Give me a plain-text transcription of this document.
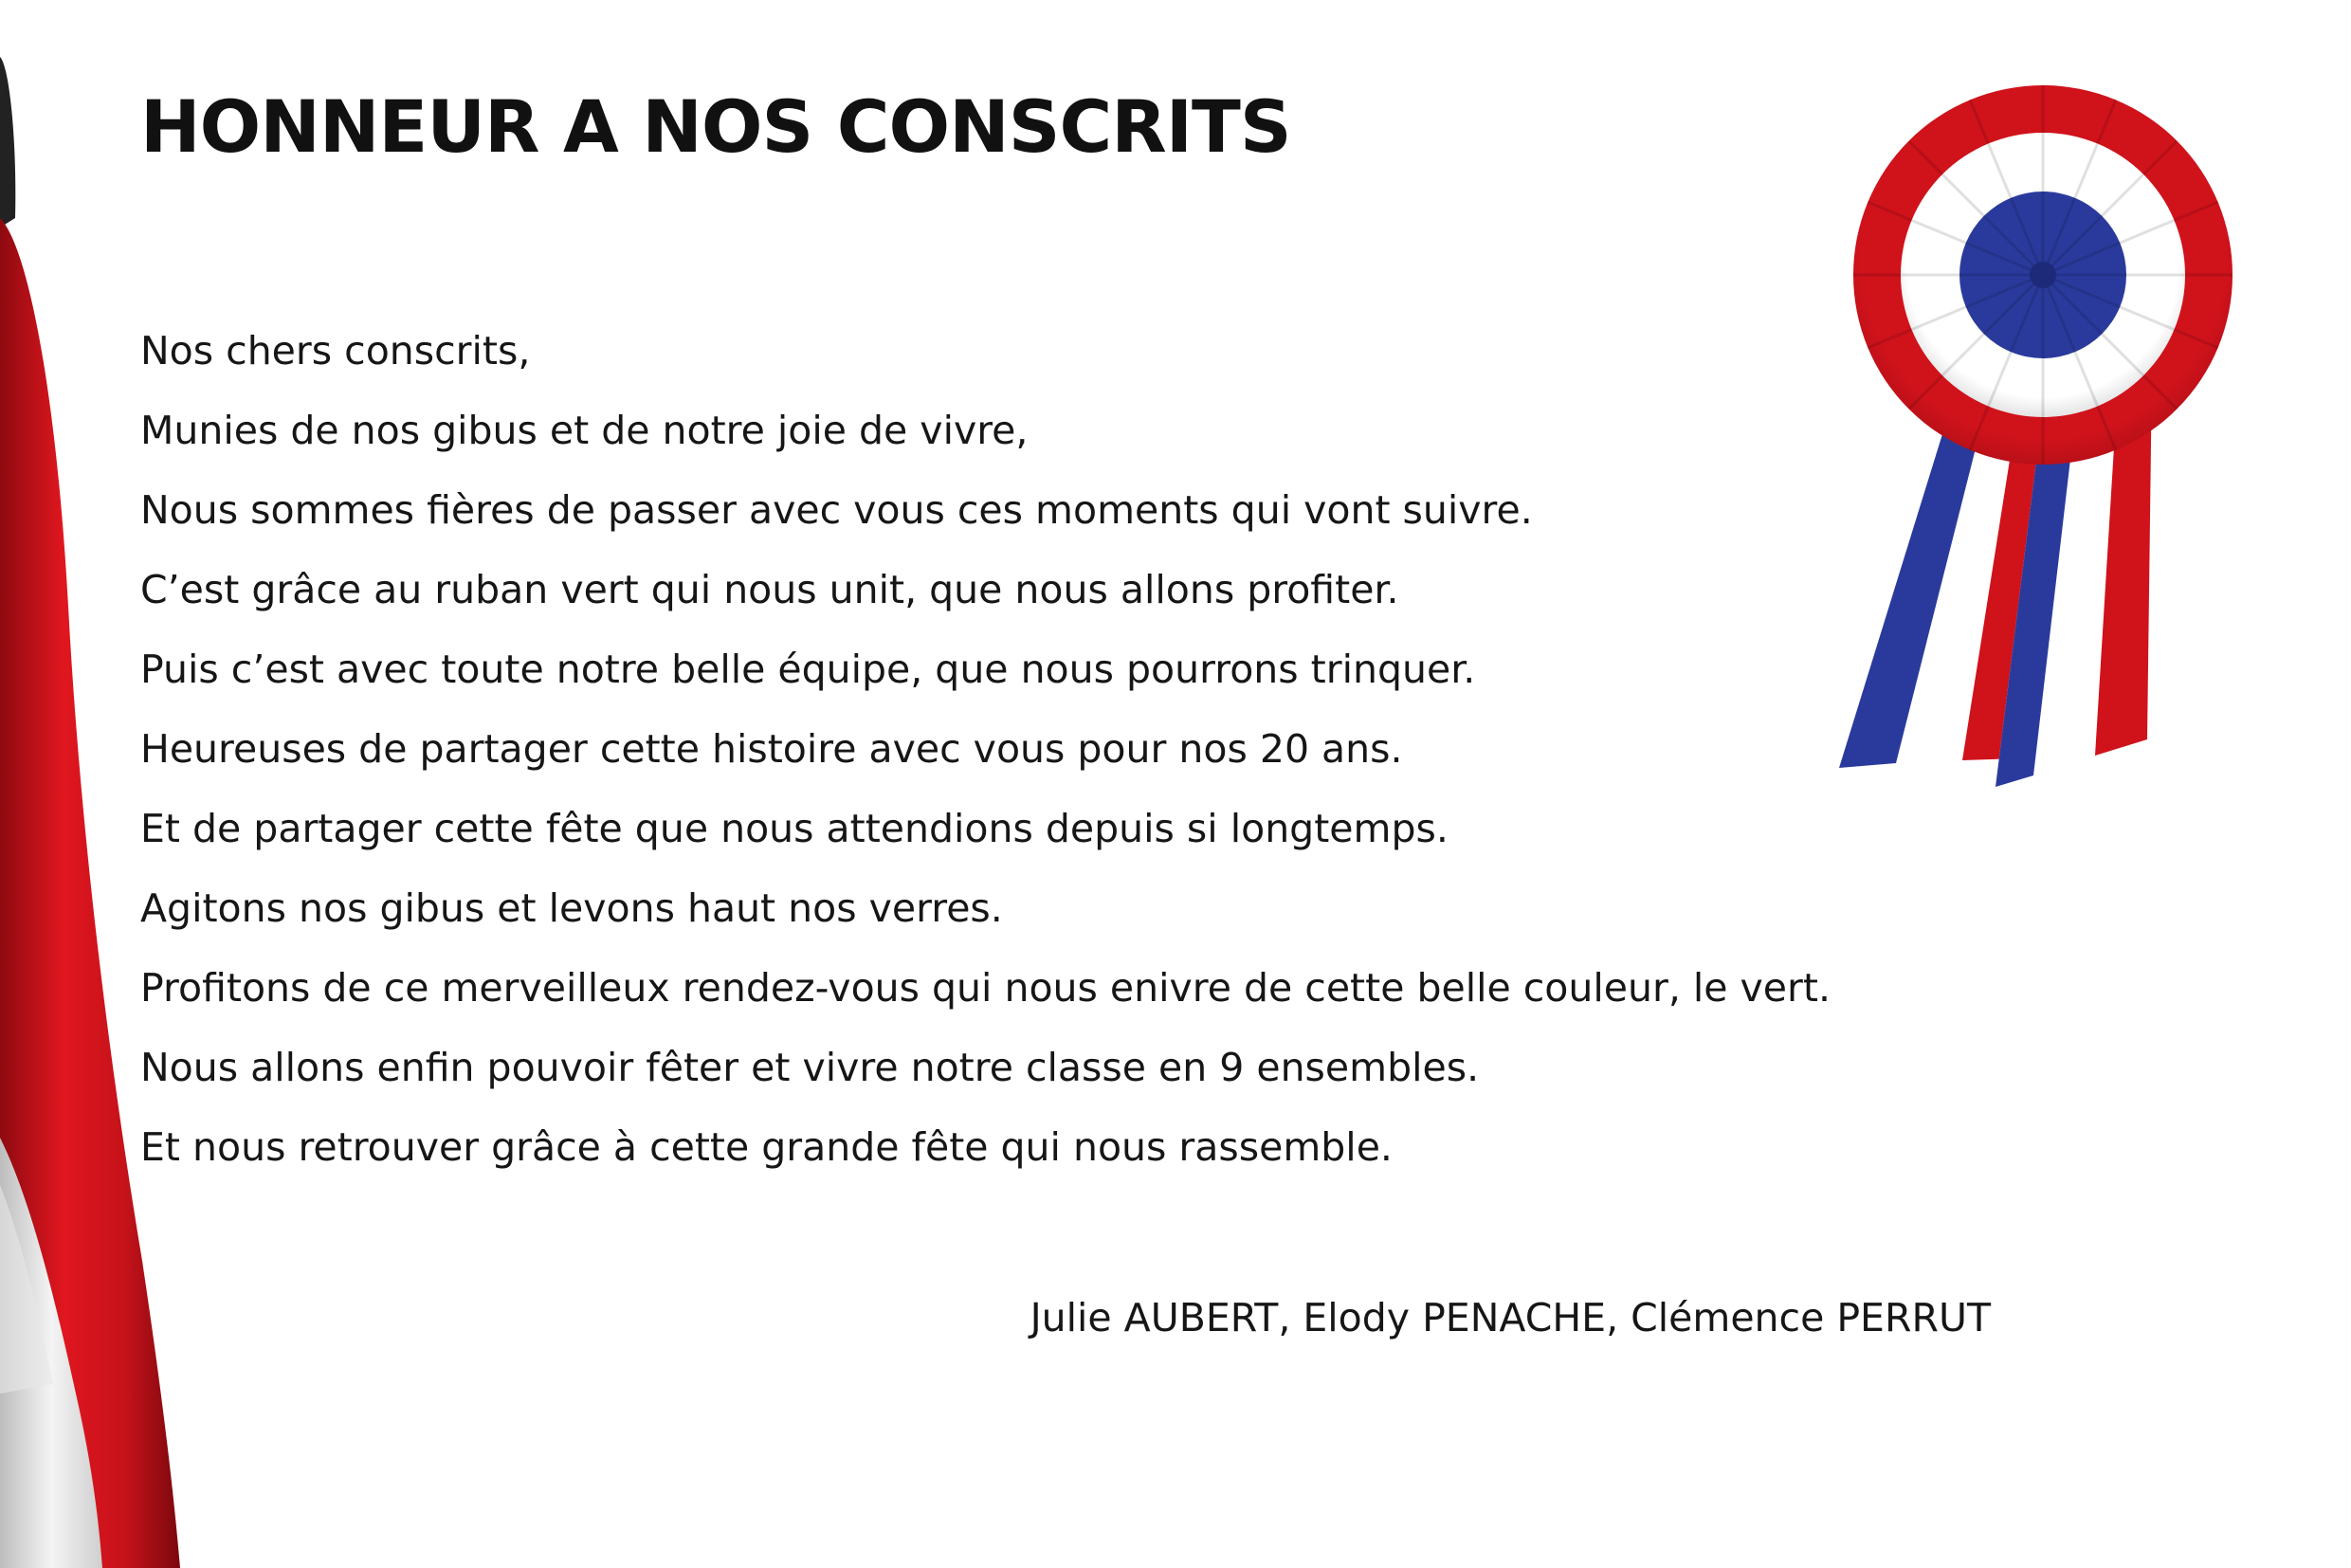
HONNEUR A NOS CONSCRITS
Nos chers conscrits,
Munies de nos gibus et de notre joie de vivre,
Nous sommes fières de passer avec vous ces moments qui vont suivre.
C’est grâce au ruban vert qui nous unit, que nous allons profiter.
Puis c’est avec toute notre belle équipe, que nous pourrons trinquer.
Heureuses de partager cette histoire avec vous pour nos 20 ans.
Et de partager cette fête que nous attendions depuis si longtemps.
Agitons nos gibus et levons haut nos verres.
Profitons de ce merveilleux rendez-vous qui nous enivre de cette belle couleur, le vert.
Nous allons enfin pouvoir fêter et vivre notre classe en 9 ensembles.
Et nous retrouver grâce à cette grande fête qui nous rassemble.
Julie AUBERT, Elody PENACHE, Clémence PERRUT
